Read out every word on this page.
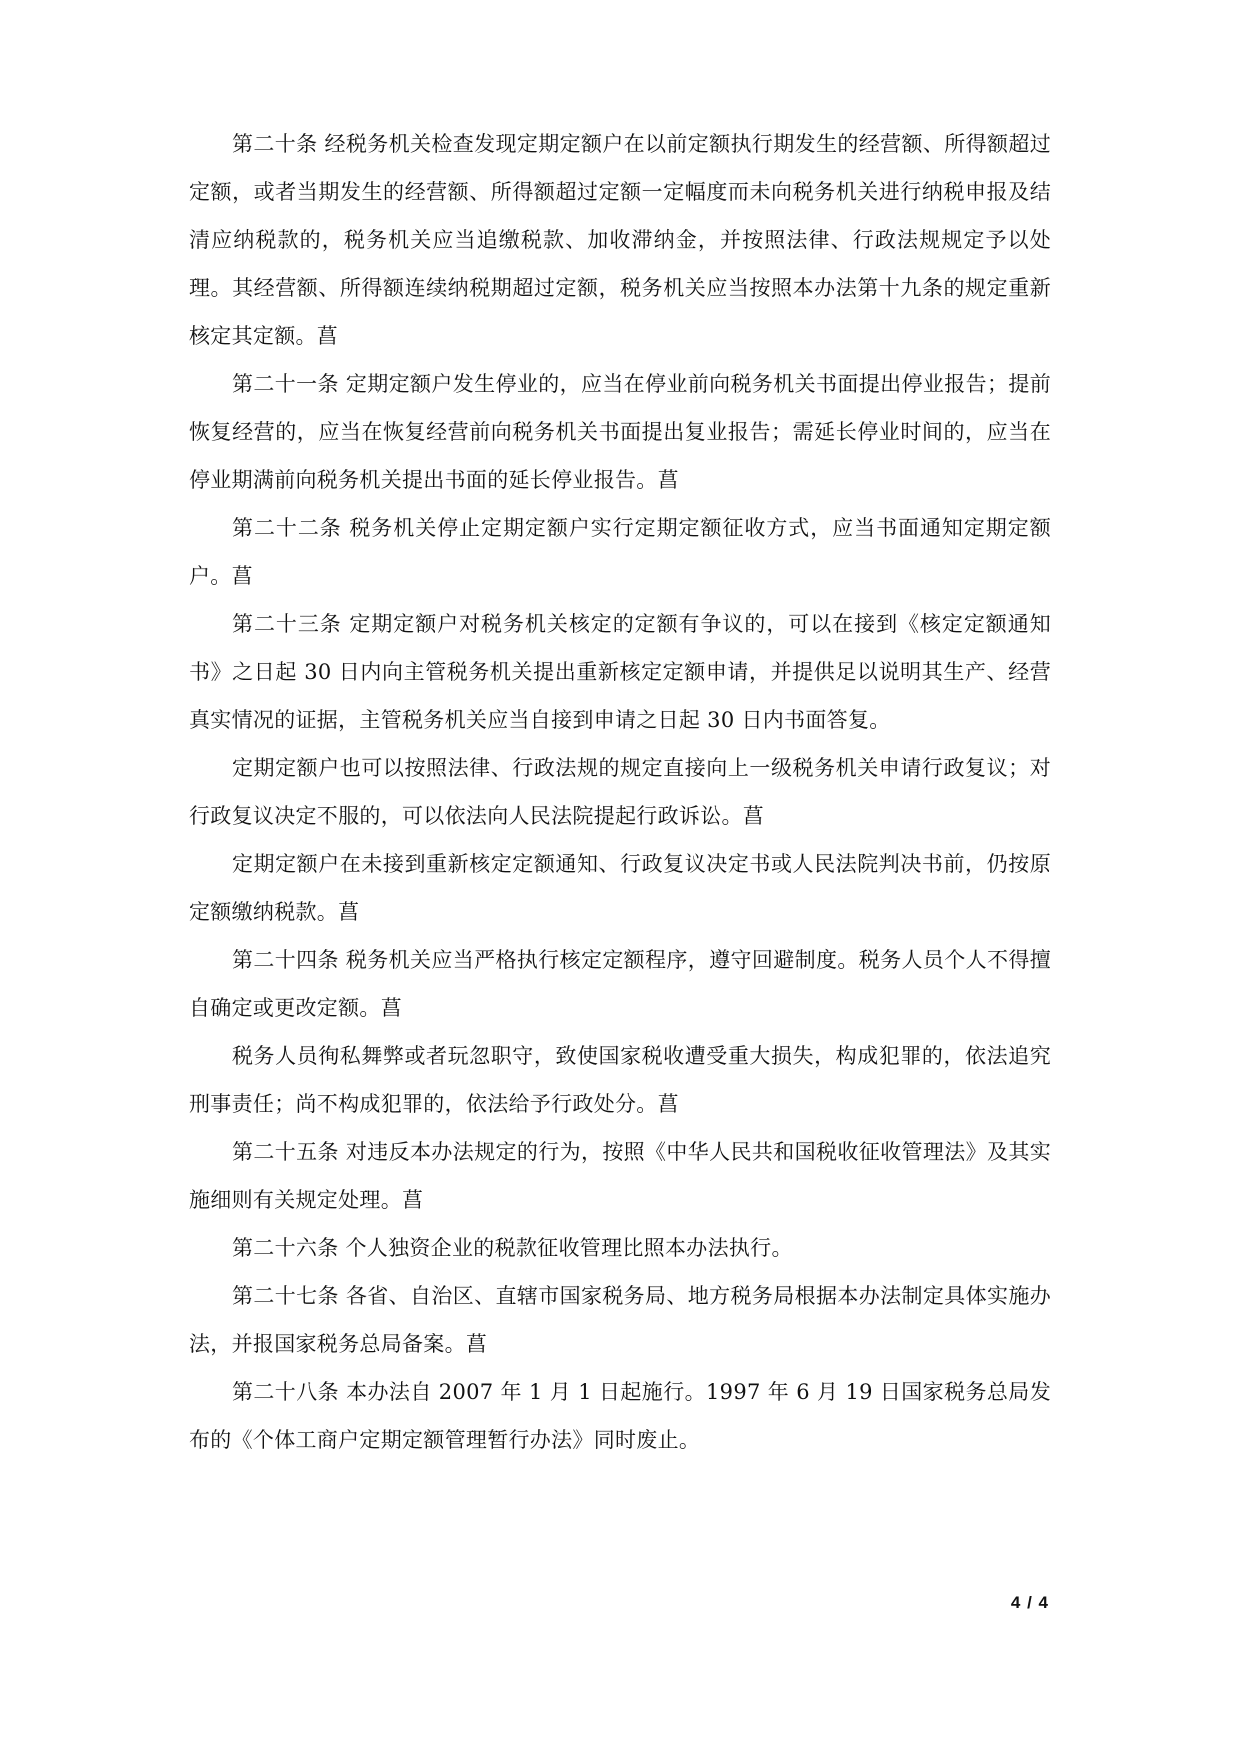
第二十条 经税务机关检查发现定期定额户在以前定额执行期发生的经营额、所得额超过定额，或者当期发生的经营额、所得额超过定额一定幅度而未向税务机关进行纳税申报及结清应纳税款的，税务机关应当追缴税款、加收滞纳金，并按照法律、行政法规规定予以处理。其经营额、所得额连续纳税期超过定额，税务机关应当按照本办法第十九条的规定重新核定其定额。菖

第二十一条 定期定额户发生停业的，应当在停业前向税务机关书面提出停业报告；提前恢复经营的，应当在恢复经营前向税务机关书面提出复业报告；需延长停业时间的，应当在停业期满前向税务机关提出书面的延长停业报告。菖

第二十二条 税务机关停止定期定额户实行定期定额征收方式，应当书面通知定期定额户。菖

第二十三条 定期定额户对税务机关核定的定额有争议的，可以在接到《核定定额通知书》之日起 30 日内向主管税务机关提出重新核定定额申请，并提供足以说明其生产、经营真实情况的证据，主管税务机关应当自接到申请之日起 30 日内书面答复。

定期定额户也可以按照法律、行政法规的规定直接向上一级税务机关申请行政复议；对行政复议决定不服的，可以依法向人民法院提起行政诉讼。菖

定期定额户在未接到重新核定定额通知、行政复议决定书或人民法院判决书前，仍按原定额缴纳税款。菖

第二十四条 税务机关应当严格执行核定定额程序，遵守回避制度。税务人员个人不得擅自确定或更改定额。菖

税务人员徇私舞弊或者玩忽职守，致使国家税收遭受重大损失，构成犯罪的，依法追究刑事责任；尚不构成犯罪的，依法给予行政处分。菖

第二十五条 对违反本办法规定的行为，按照《中华人民共和国税收征收管理法》及其实施细则有关规定处理。菖

第二十六条 个人独资企业的税款征收管理比照本办法执行。

第二十七条 各省、自治区、直辖市国家税务局、地方税务局根据本办法制定具体实施办法，并报国家税务总局备案。菖

第二十八条 本办法自 2007 年 1 月 1 日起施行。1997 年 6 月 19 日国家税务总局发布的《个体工商户定期定额管理暂行办法》同时废止。

4 / 4
